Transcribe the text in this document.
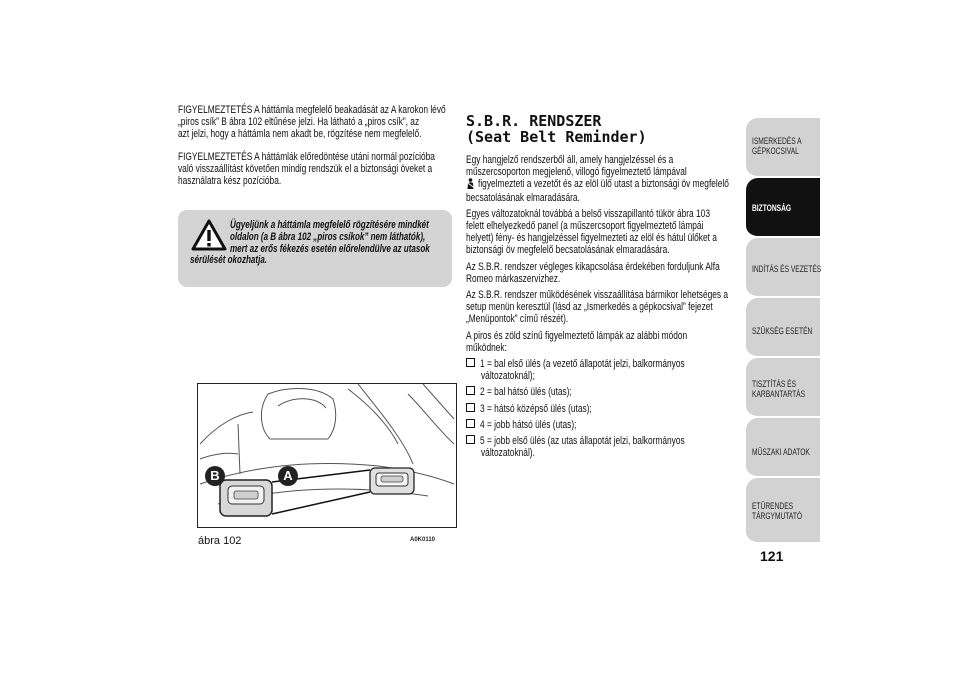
FIGYELMEZTETÉS A háttámla megfelelő beakadását az A karokon lévő
„piros csík” B ábra 102 eltűnése jelzi. Ha látható a „piros csík”, az
azt jelzi, hogy a háttámla nem akadt be, rögzítése nem megfelelő.

FIGYELMEZTETÉS A háttámlák előredöntése utáni normál pozícióba
való visszaállítást követően mindig rendszük el a biztonsági öveket a
használatra kész pozícióba.

Ügyeljünk a háttámla megfelelő rögzítésére mindkét
oldalon (a B ábra 102 „piros csíkok” nem láthatók),
mert az erős fékezés esetén előrelendülve az utasok
sérülését okozhatja.
B	A
ábra 102	A0K0110
S.B.R. RENDSZER
(Seat Belt Reminder)

Egy hangjelző rendszerből áll, amely hangjelzéssel és a
műszercsoporton megjelenő, villogó figyelmeztető lámpával
figyelmezteti a vezetőt és az elöl ülő utast a biztonsági öv megfelelő
becsatolásának elmaradására.

Egyes változatoknál továbbá a belső visszapillantó tükör ábra 103
felett elhelyezkedő panel (a műszercsoport figyelmeztető lámpái
helyett) fény- és hangjelzéssel figyelmezteti az elöl és hátul ülőket a
biztonsági öv megfelelő becsatolásának elmaradására.

Az S.B.R. rendszer végleges kikapcsolása érdekében forduljunk Alfa
Romeo márkaszervizhez.

Az S.B.R. rendszer működésének visszaállítása bármikor lehetséges a
setup menün keresztül (lásd az „Ismerkedés a gépkocsival” fejezet
„Menüpontok” című részét).

A piros és zöld színű figyelmeztető lámpák az alábbi módon
működnek:

1 = bal első ülés (a vezető állapotát jelzi, balkormányos
változatoknál);

2 = bal hátsó ülés (utas);

3 = hátsó középső ülés (utas);

4 = jobb hátsó ülés (utas);

5 = jobb első ülés (az utas állapotát jelzi, balkormányos
változatoknál).

ISMERKEDÉS A
GÉPKOCSIVAL
BIZTONSÁG
INDÍTÁS ÉS VEZETÉS
SZÜKSÉG ESETÉN
TISZTÍTÁS ÉS
KARBANTARTÁS
MŰSZAKI ADATOK
ETŰRENDES
TÁRGYMUTATÓ
121
